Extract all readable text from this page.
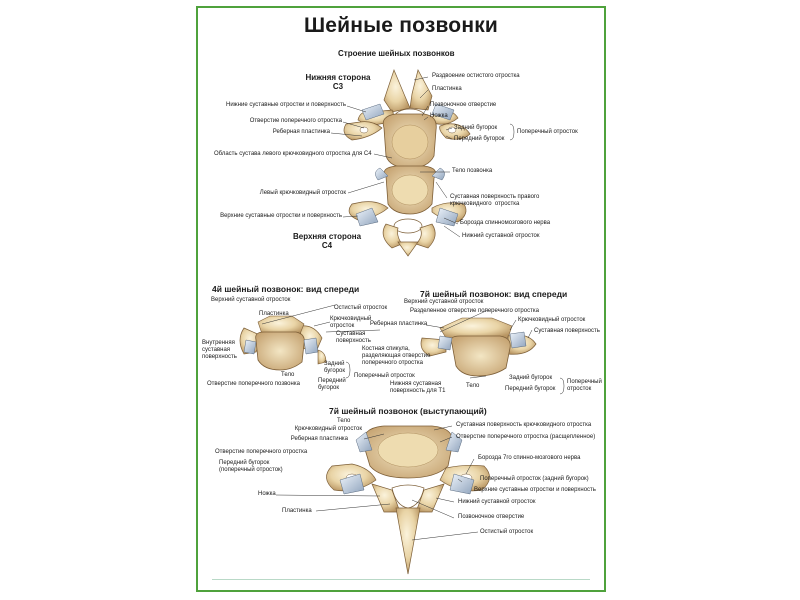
Шейные позвонки
Строение шейных позвонков
Нижняя сторона
С3
Верхняя сторона
С4
4й шейный позвонок: вид спереди	7й шейный позвонок: вид спереди
7й шейный позвонок (выступающий)
Раздвоение остистого отростка
Пластинка
Позвоночное отверстие
Ножка
Задний бугорок
Передний бугорок
Поперечный отросток
Нижние суставные отростки и поверхность
Отверстие поперечного отростка
Реберная пластинка
Область сустава левого крючковидного отростка для С4
Тело позвонка
Левый крючковидный отросток
Суставная поверхность правого
крючковидного  отростка
Верхние суставные отростки и поверхность
Борозда спинномозгового нерва
Нижний суставной отросток
Верхний суставной отросток
Пластинка
Остистый отросток
Крючковидный
отросток
Суставная
поверхность
Внутренняя
суставная
поверхность
Тело
Задний
бугорок
Передний
бугорок
Отверстие поперечного позвонка
Реберная пластинка
Костная спикула,
разделяющая отверстие
поперечного отростка
Поперечный отросток
Нижняя суставная
поверхность для Т1
Верхний суставной отросток
Разделенное отверстие поперечного отростка
Крючковидный отросток
Суставная поверхность
Тело
Задний бугорок
Передний бугорок
Поперечный
отросток
Тело
Крючковидный отросток
Реберная пластинка
Отверстие поперечного отростка
Передний бугорок
(поперечный отросток)
Ножка
Пластинка
Суставная поверхность крючковидного отростка
Отверстие поперечного отростка (расщепленное)
Борозда 7го спинно-мозгового нерва
Поперечный отросток (задний бугорок)
Верхние суставные отростки и поверхность
Нижний суставной отросток
Позвоночное отверстие
Остистый отросток
